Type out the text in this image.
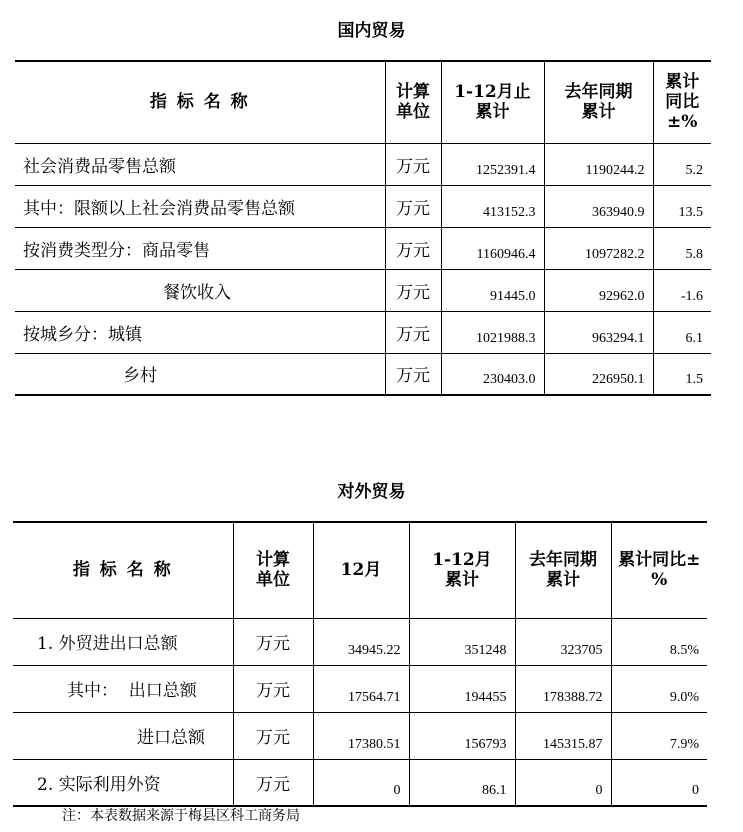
国内贸易
指 标 名 称	计算单位	1-12月止累计	去年同期累计	累计同比±%

社会消费品零售总额	万元	1252391.4	1190244.2	5.2
其中：限额以上社会消费品零售总额	万元	413152.3	363940.9	13.5
按消费类型分：商品零售	万元	1160946.4	1097282.2	5.8
餐饮收入	万元	91445.0	92962.0	-1.6
按城乡分：城镇	万元	1021988.3	963294.1	6.1
乡村	万元	230403.0	226950.1	1.5
对外贸易
指 标 名 称	计算单位	12月	1-12月累计	去年同期累计	累计同比±%

1. 外贸进出口总额	万元	34945.22	351248	323705	8.5%
其中：  出口总额	万元	17564.71	194455	178388.72	9.0%
进口总额	万元	17380.51	156793	145315.87	7.9%
2. 实际利用外资	万元	0	86.1	0	0
注：本表数据来源于梅县区科工商务局
